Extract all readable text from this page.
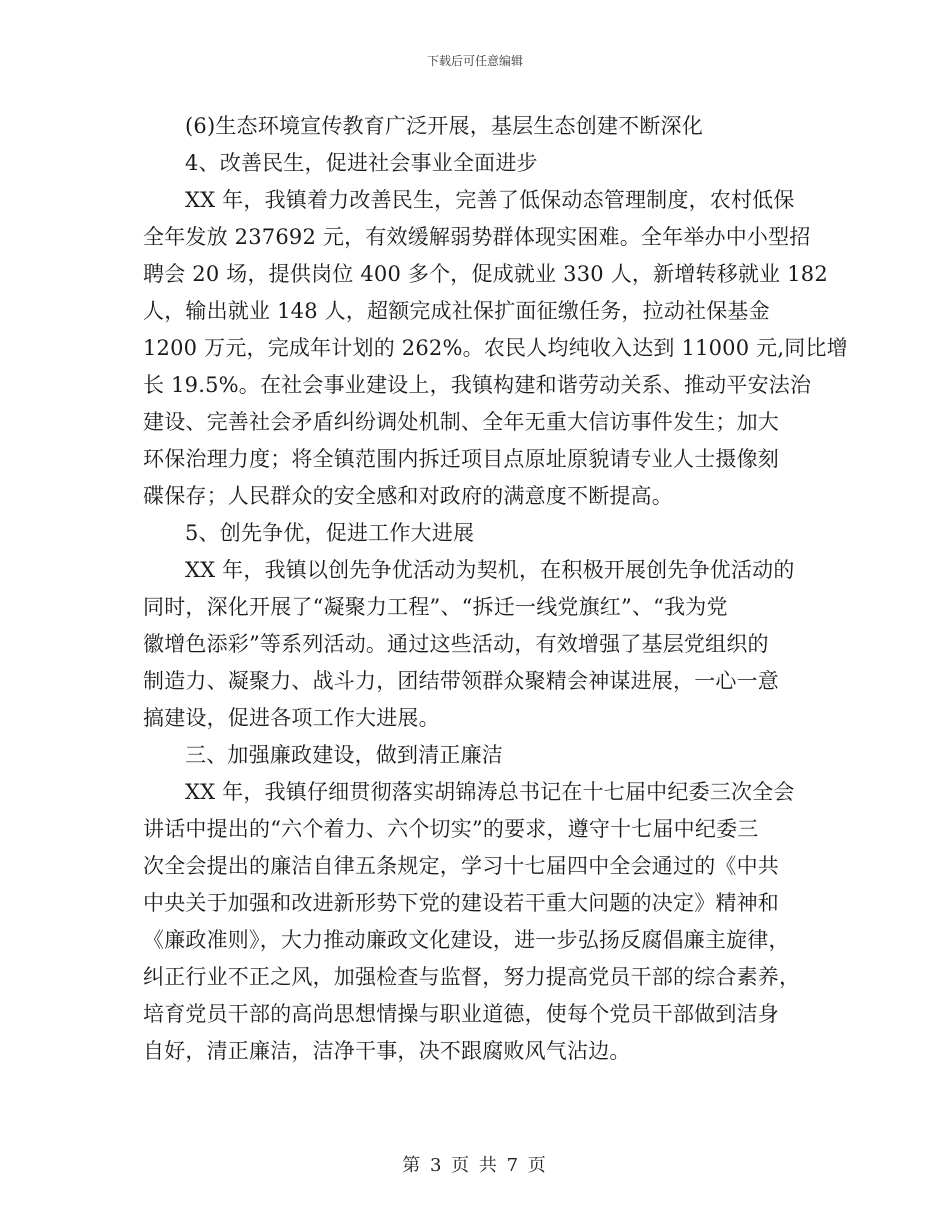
下载后可任意编辑
(6)生态环境宣传教育广泛开展，基层生态创建不断深化
4、改善民生，促进社会事业全面进步
XX 年，我镇着力改善民生，完善了低保动态管理制度，农村低保
全年发放 237692 元，有效缓解弱势群体现实困难。全年举办中小型招
聘会 20 场，提供岗位 400 多个，促成就业 330 人，新增转移就业 182
人，输出就业 148 人，超额完成社保扩面征缴任务，拉动社保基金
1200 万元，完成年计划的 262%。农民人均纯收入达到 11000 元,同比增
长 19.5%。在社会事业建设上，我镇构建和谐劳动关系、推动平安法治
建设、完善社会矛盾纠纷调处机制、全年无重大信访事件发生；加大
环保治理力度；将全镇范围内拆迁项目点原址原貌请专业人士摄像刻
碟保存；人民群众的安全感和对政府的满意度不断提高。
5、创先争优，促进工作大进展
XX 年，我镇以创先争优活动为契机，在积极开展创先争优活动的
同时，深化开展了“凝聚力工程”、“拆迁一线党旗红”、“我为党
徽增色添彩”等系列活动。通过这些活动，有效增强了基层党组织的
制造力、凝聚力、战斗力，团结带领群众聚精会神谋进展，一心一意
搞建设，促进各项工作大进展。
三、加强廉政建设，做到清正廉洁
XX 年，我镇仔细贯彻落实胡锦涛总书记在十七届中纪委三次全会
讲话中提出的“六个着力、六个切实”的要求，遵守十七届中纪委三
次全会提出的廉洁自律五条规定，学习十七届四中全会通过的《中共
中央关于加强和改进新形势下党的建设若干重大问题的决定》精神和
《廉政准则》，大力推动廉政文化建设，进一步弘扬反腐倡廉主旋律，
纠正行业不正之风，加强检查与监督，努力提高党员干部的综合素养，
培育党员干部的高尚思想情操与职业道德，使每个党员干部做到洁身
自好，清正廉洁，洁净干事，决不跟腐败风气沾边。
第 3 页 共 7 页
